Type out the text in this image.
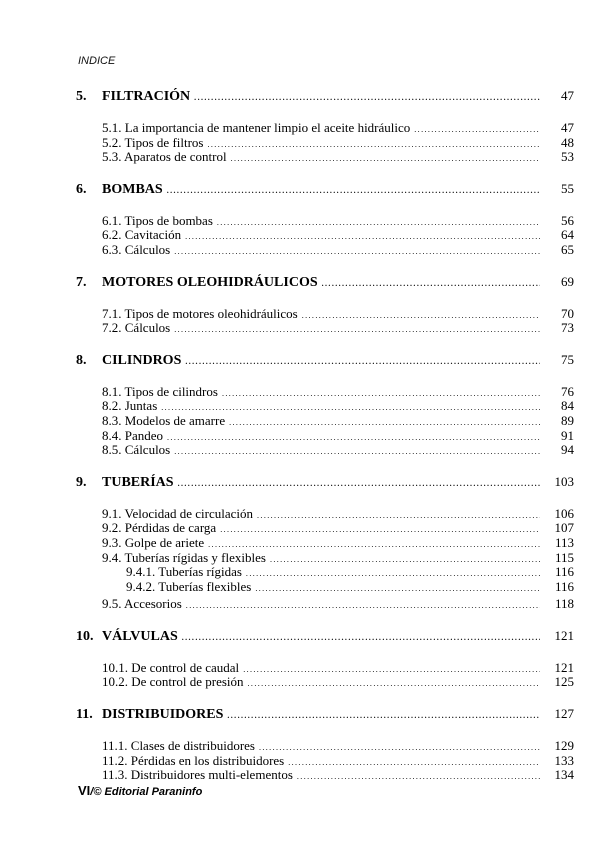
INDICE
5.	FILTRACIÓN .....	47
5.1. La importancia de mantener limpio el aceite hidráulico .....	47
5.2. Tipos de filtros .....	48
5.3. Aparatos de control .....	53
6.	BOMBAS .....	55
6.1. Tipos de bombas .....	56
6.2. Cavitación .....	64
6.3. Cálculos .....	65
7.	MOTORES OLEOHIDRÁULICOS .....	69
7.1. Tipos de motores oleohidráulicos .....	70
7.2. Cálculos .....	73
8.	CILINDROS .....	75
8.1. Tipos de cilindros .....	76
8.2. Juntas .....	84
8.3. Modelos de amarre .....	89
8.4. Pandeo .....	91
8.5. Cálculos .....	94
9.	TUBERÍAS .....	103
9.1. Velocidad de circulación .....	106
9.2. Pérdidas de carga .....	107
9.3. Golpe de ariete .....	113
9.4. Tuberías rígidas y flexibles .....	115
9.4.1. Tuberías rígidas .....	116
9.4.2. Tuberías flexibles .....	116
9.5. Accesorios .....	118
10. VÁLVULAS .....	121
10.1. De control de caudal .....	121
10.2. De control de presión .....	125
11. DISTRIBUIDORES .....	127
11.1. Clases de distribuidores .....	129
11.2. Pérdidas en los distribuidores .....	133
11.3. Distribuidores multi-elementos .....	134
VI/© Editorial Paraninfo
